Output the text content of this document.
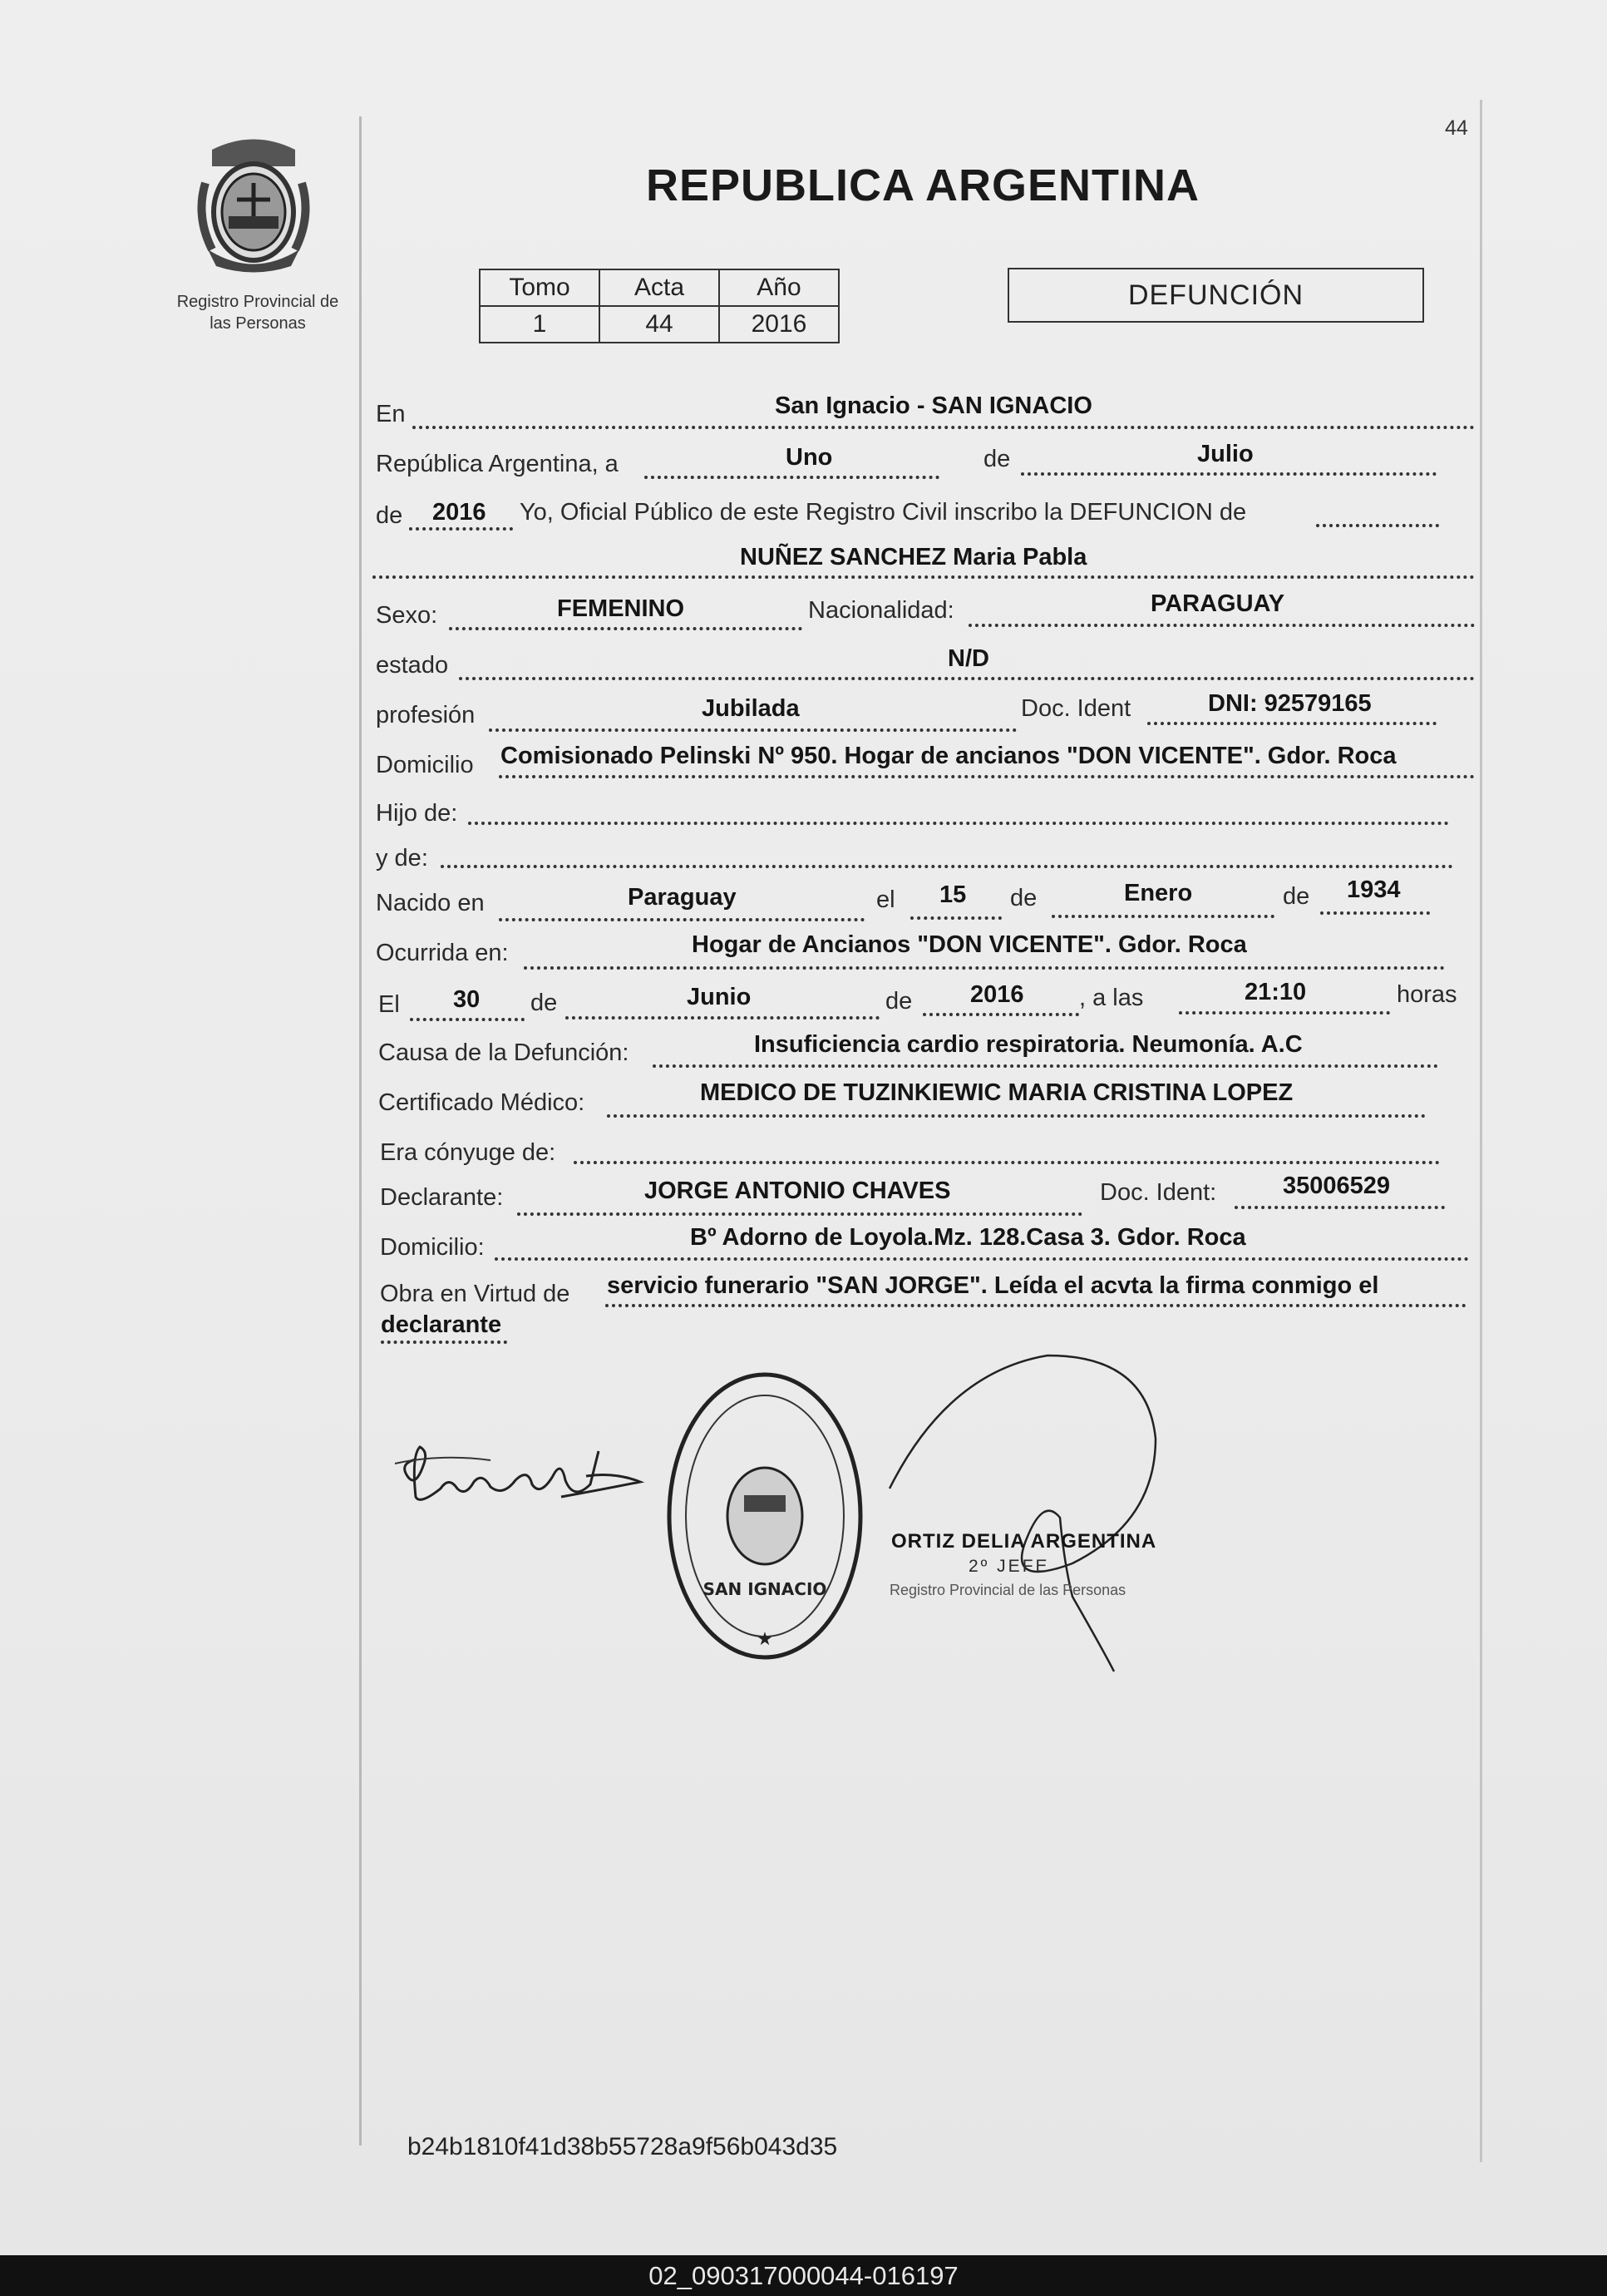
Registro Provincial de
las Personas
44
REPUBLICA ARGENTINA
Tomo	Acta	Año
1	44	2016
DEFUNCIÓN
En	San Ignacio - SAN IGNACIO
República Argentina, a	Uno	de	Julio
de 2016 Yo, Oficial Público de este Registro Civil inscribo la DEFUNCION de
NUÑEZ SANCHEZ Maria Pabla
Sexo:	FEMENINO	Nacionalidad:	PARAGUAY
estado	N/D
profesión	Jubilada	Doc. Ident	DNI: 92579165
Domicilio Comisionado Pelinski Nº 950. Hogar de ancianos "DON VICENTE". Gdor. Roca
Hijo de:
y de:
Nacido en	Paraguay	el 15 de	Enero	de 1934
Ocurrida en:	Hogar de Ancianos "DON VICENTE". Gdor. Roca
El 30 de	Junio	de 2016 , a las	21:10	horas
Causa de la Defunción:	Insuficiencia cardio respiratoria. Neumonía. A.C
Certificado Médico:	MEDICO DE TUZINKIEWIC MARIA CRISTINA LOPEZ
Era cónyuge de:
Declarante:	JORGE ANTONIO CHAVES	Doc. Ident:	35006529
Domicilio:	Bº Adorno de Loyola.Mz. 128.Casa 3. Gdor. Roca
Obra en Virtud de servicio funerario "SAN JORGE". Leída el acvta la firma conmigo el
declarante
★
SAN IGNACIO
ORTIZ DELIA ARGENTINA
2º JEFE
Registro Provincial de las Personas
b24b1810f41d38b55728a9f56b043d35
02_090317000044-016197
